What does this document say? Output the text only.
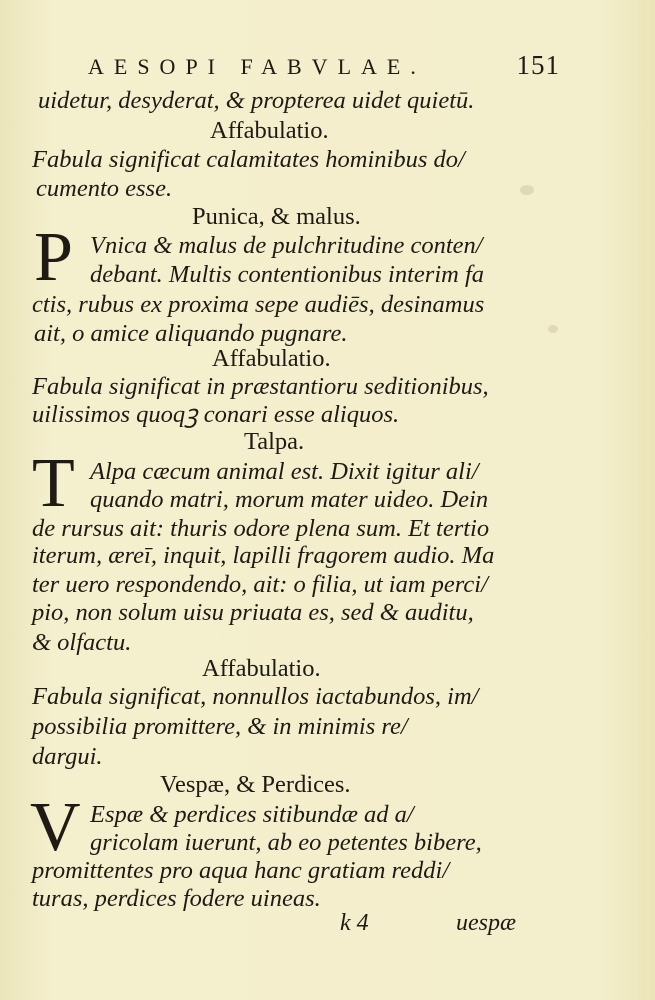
AESOPI FABVLAE.	151
uidetur, desyderat, & propterea uidet quietū.
Affabulatio.
Fabula significat calamitates hominibus do/
cumento esse.
Punica, & malus.
P Vnica & malus de pulchritudine conten/
debant. Multis contentionibus interim fa
ctis, rubus ex proxima sepe audiēs, desinamus
ait, o amice aliquando pugnare.
Affabulatio.
Fabula significat in præstantioru seditionibus,
uilissimos quoqꝫ conari esse aliquos.
Talpa.
T Alpa cæcum animal est. Dixit igitur ali/
quando matri, morum mater uideo. Dein
de rursus ait: thuris odore plena sum. Et tertio
iterum, æreī, inquit, lapilli fragorem audio. Ma
ter uero respondendo, ait: o filia, ut iam perci/
pio, non solum uisu priuata es, sed & auditu,
& olfactu.
Affabulatio.
Fabula significat, nonnullos iactabundos, im/
possibilia promittere, & in minimis re/
dargui.
Vespæ, & Perdices.
V Espæ & perdices sitibundæ ad a/
gricolam iuerunt, ab eo petentes bibere,
promittentes pro aqua hanc gratiam reddi/
turas, perdices fodere uineas.
k 4	uespæ
